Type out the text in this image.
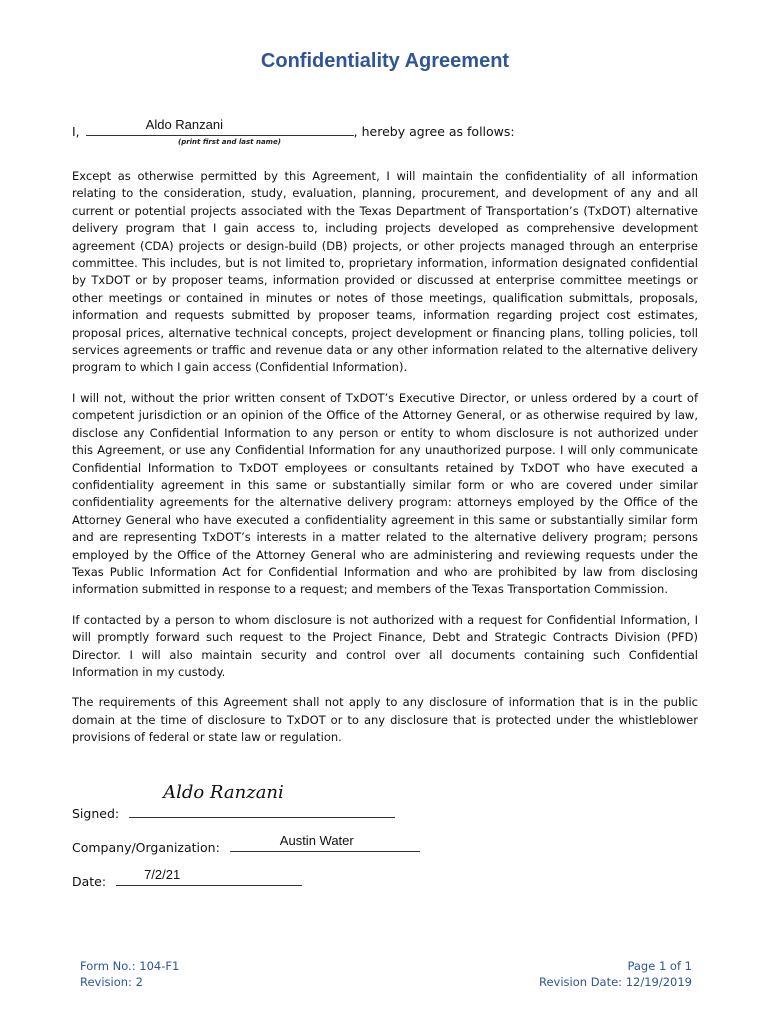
Confidentiality Agreement
I,	Aldo Ranzani	, hereby agree as follows:
(print first and last name)

Except as otherwise permitted by this Agreement, I will maintain the confidentiality of all information relating to the consideration, study, evaluation, planning, procurement, and development of any and all current or potential projects associated with the Texas Department of Transportation’s (TxDOT) alternative delivery program that I gain access to, including projects developed as comprehensive development agreement (CDA) projects or design-build (DB) projects, or other projects managed through an enterprise committee. This includes, but is not limited to, proprietary information, information designated confidential by TxDOT or by proposer teams, information provided or discussed at enterprise committee meetings or other meetings or contained in minutes or notes of those meetings, qualification submittals, proposals, information and requests submitted by proposer teams, information regarding project cost estimates, proposal prices, alternative technical concepts, project development or financing plans, tolling policies, toll services agreements or traffic and revenue data or any other information related to the alternative delivery program to which I gain access (Confidential Information).

I will not, without the prior written consent of TxDOT’s Executive Director, or unless ordered by a court of competent jurisdiction or an opinion of the Office of the Attorney General, or as otherwise required by law, disclose any Confidential Information to any person or entity to whom disclosure is not authorized under this Agreement, or use any Confidential Information for any unauthorized purpose. I will only communicate Confidential Information to TxDOT employees or consultants retained by TxDOT who have executed a confidentiality agreement in this same or substantially similar form or who are covered under similar confidentiality agreements for the alternative delivery program: attorneys employed by the Office of the Attorney General who have executed a confidentiality agreement in this same or substantially similar form and are representing TxDOT’s interests in a matter related to the alternative delivery program; persons employed by the Office of the Attorney General who are administering and reviewing requests under the Texas Public Information Act for Confidential Information and who are prohibited by law from disclosing information submitted in response to a request; and members of the Texas Transportation Commission.

If contacted by a person to whom disclosure is not authorized with a request for Confidential Information, I will promptly forward such request to the Project Finance, Debt and Strategic Contracts Division (PFD) Director. I will also maintain security and control over all documents containing such Confidential Information in my custody.

The requirements of this Agreement shall not apply to any disclosure of information that is in the public domain at the time of disclosure to TxDOT or to any disclosure that is protected under the whistleblower provisions of federal or state law or regulation.

Signed:
Aldo Ranzani
Company/Organization:	Austin Water
Date:	7/2/21
Form No.: 104-F1
Revision: 2
Page 1 of 1
Revision Date: 12/19/2019
